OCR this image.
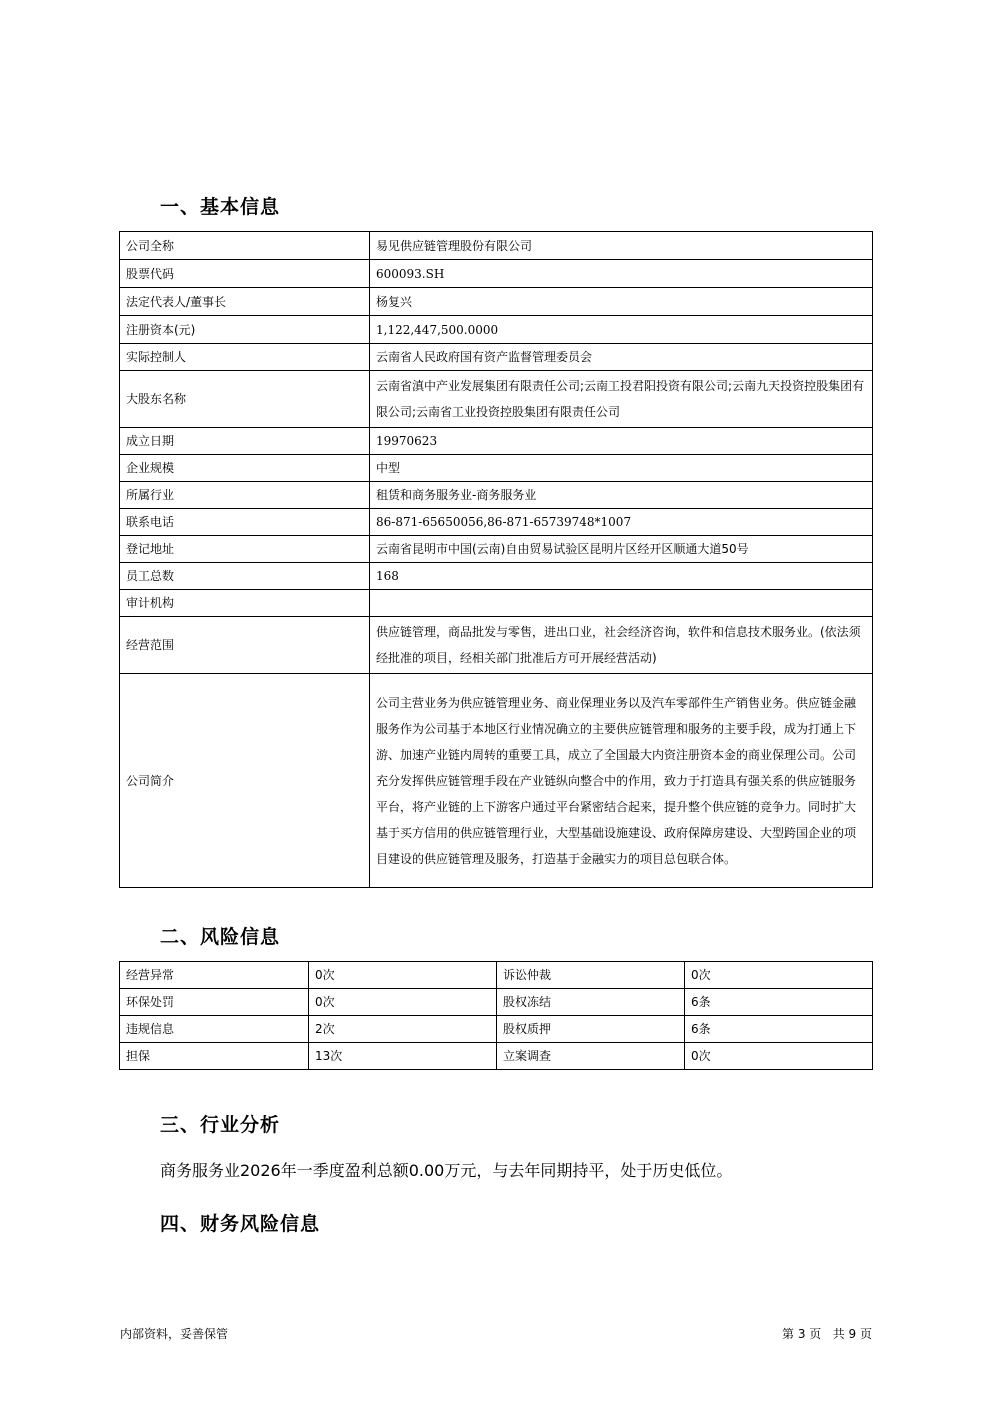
一、基本信息
公司全称	易见供应链管理股份有限公司
股票代码	600093.SH
法定代表人/董事长	杨复兴
注册资本(元)	1,122,447,500.0000
实际控制人	云南省人民政府国有资产监督管理委员会
大股东名称	云南省滇中产业发展集团有限责任公司;云南工投君阳投资有限公司;云南九天投资控股集团有限公司;云南省工业投资控股集团有限责任公司
成立日期	19970623
企业规模	中型
所属行业	租赁和商务服务业-商务服务业
联系电话	86-871-65650056,86-871-65739748*1007
登记地址	云南省昆明市中国(云南)自由贸易试验区昆明片区经开区顺通大道50号
员工总数	168
审计机构	
经营范围	供应链管理，商品批发与零售，进出口业，社会经济咨询，软件和信息技术服务业。(依法须经批准的项目，经相关部门批准后方可开展经营活动)
公司简介	公司主营业务为供应链管理业务、商业保理业务以及汽车零部件生产销售业务。供应链金融服务作为公司基于本地区行业情况确立的主要供应链管理和服务的主要手段，成为打通上下游、加速产业链内周转的重要工具，成立了全国最大内资注册资本金的商业保理公司。公司充分发挥供应链管理手段在产业链纵向整合中的作用，致力于打造具有强关系的供应链服务平台，将产业链的上下游客户通过平台紧密结合起来，提升整个供应链的竞争力。同时扩大基于买方信用的供应链管理行业，大型基础设施建设、政府保障房建设、大型跨国企业的项目建设的供应链管理及服务，打造基于金融实力的项目总包联合体。
二、风险信息
经营异常	0次	诉讼仲裁	0次
环保处罚	0次	股权冻结	6条
违规信息	2次	股权质押	6条
担保	13次	立案调查	0次
三、行业分析
商务服务业2026年一季度盈利总额0.00万元，与去年同期持平，处于历史低位。
四、财务风险信息
内部资料，妥善保管	第 3 页   共 9 页
